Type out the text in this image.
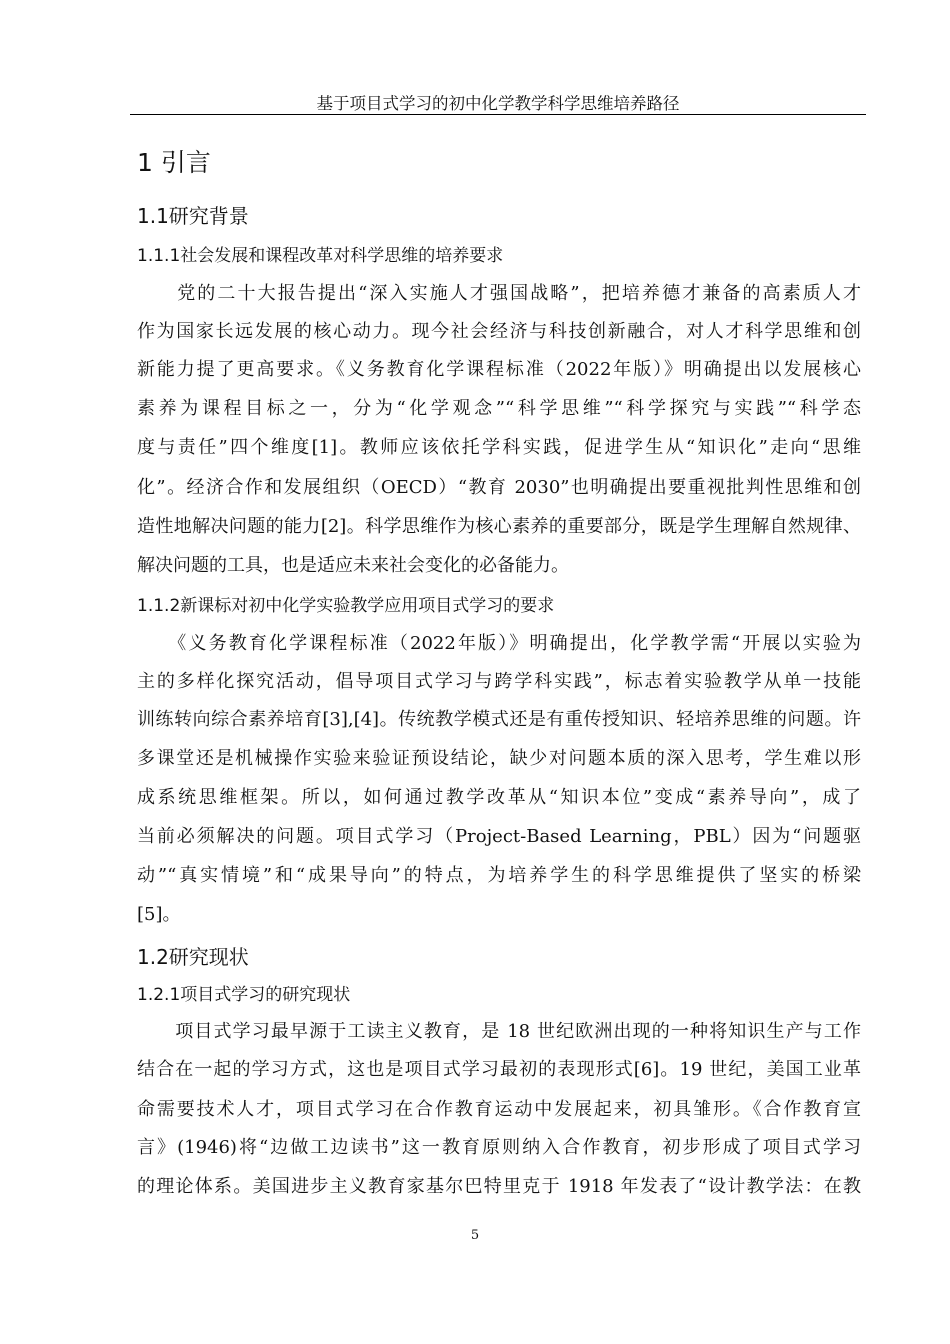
基于项目式学习的初中化学教学科学思维培养路径
1 引言
1.1研究背景
1.1.1社会发展和课程改革对科学思维的培养要求
　　党的二十大报告提出“深入实施人才强国战略”，把培养德才兼备的高素质人才
作为国家长远发展的核心动力。现今社会经济与科技创新融合，对人才科学思维和创
新能力提了更高要求。《义务教育化学课程标准（2022年版）》明确提出以发展核心
素养为课程目标之一，分为“化学观念”“科学思维”“科学探究与实践”“科学态
度与责任”四个维度[1]。教师应该依托学科实践，促进学生从“知识化”走向“思维
化”。经济合作和发展组织（OECD）“教育 2030”也明确提出要重视批判性思维和创
造性地解决问题的能力[2]。科学思维作为核心素养的重要部分，既是学生理解自然规律、
解决问题的工具，也是适应未来社会变化的必备能力。
1.1.2新课标对初中化学实验教学应用项目式学习的要求
　　《义务教育化学课程标准（2022年版）》明确提出，化学教学需“开展以实验为
主的多样化探究活动，倡导项目式学习与跨学科实践”，标志着实验教学从单一技能
训练转向综合素养培育[3],[4]。传统教学模式还是有重传授知识、轻培养思维的问题。许
多课堂还是机械操作实验来验证预设结论，缺少对问题本质的深入思考，学生难以形
成系统思维框架。所以，如何通过教学改革从“知识本位”变成“素养导向”，成了
当前必须解决的问题。项目式学习（Project-Based Learning，PBL）因为“问题驱
动”“真实情境”和“成果导向”的特点，为培养学生的科学思维提供了坚实的桥梁
[5]。
1.2研究现状
1.2.1项目式学习的研究现状
　　项目式学习最早源于工读主义教育，是 18 世纪欧洲出现的一种将知识生产与工作
结合在一起的学习方式，这也是项目式学习最初的表现形式[6]。19 世纪，美国工业革
命需要技术人才，项目式学习在合作教育运动中发展起来，初具雏形。《合作教育宣
言》(1946)将“边做工边读书”这一教育原则纳入合作教育，初步形成了项目式学习
的理论体系。美国进步主义教育家基尔巴特里克于 1918 年发表了“设计教学法：在教
5
